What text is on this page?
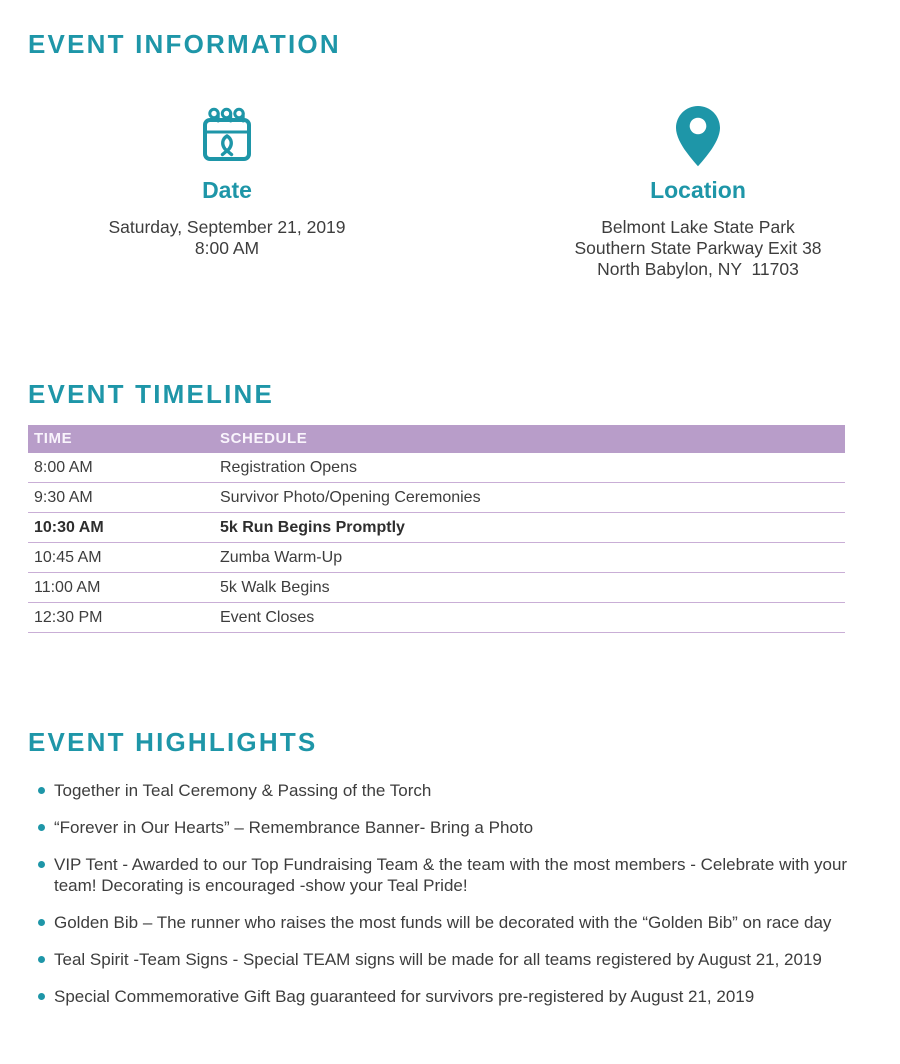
EVENT INFORMATION
Date
Saturday, September 21, 2019
8:00 AM
Location
Belmont Lake State Park
Southern State Parkway Exit 38
North Babylon, NY  11703
EVENT TIMELINE
TIME	SCHEDULE
8:00 AM	Registration Opens
9:30 AM	Survivor Photo/Opening Ceremonies
10:30 AM	5k Run Begins Promptly
10:45 AM	Zumba Warm-Up
11:00 AM	5k Walk Begins
12:30 PM	Event Closes
EVENT HIGHLIGHTS
Together in Teal Ceremony & Passing of the Torch
“Forever in Our Hearts” – Remembrance Banner- Bring a Photo
VIP Tent - Awarded to our Top Fundraising Team & the team with the most members - Celebrate with your team! Decorating is encouraged -show your Teal Pride!
Golden Bib – The runner who raises the most funds will be decorated with the “Golden Bib” on race day
Teal Spirit -Team Signs - Special TEAM signs will be made for all teams registered by August 21, 2019
Special Commemorative Gift Bag guaranteed for survivors pre-registered by August 21, 2019
